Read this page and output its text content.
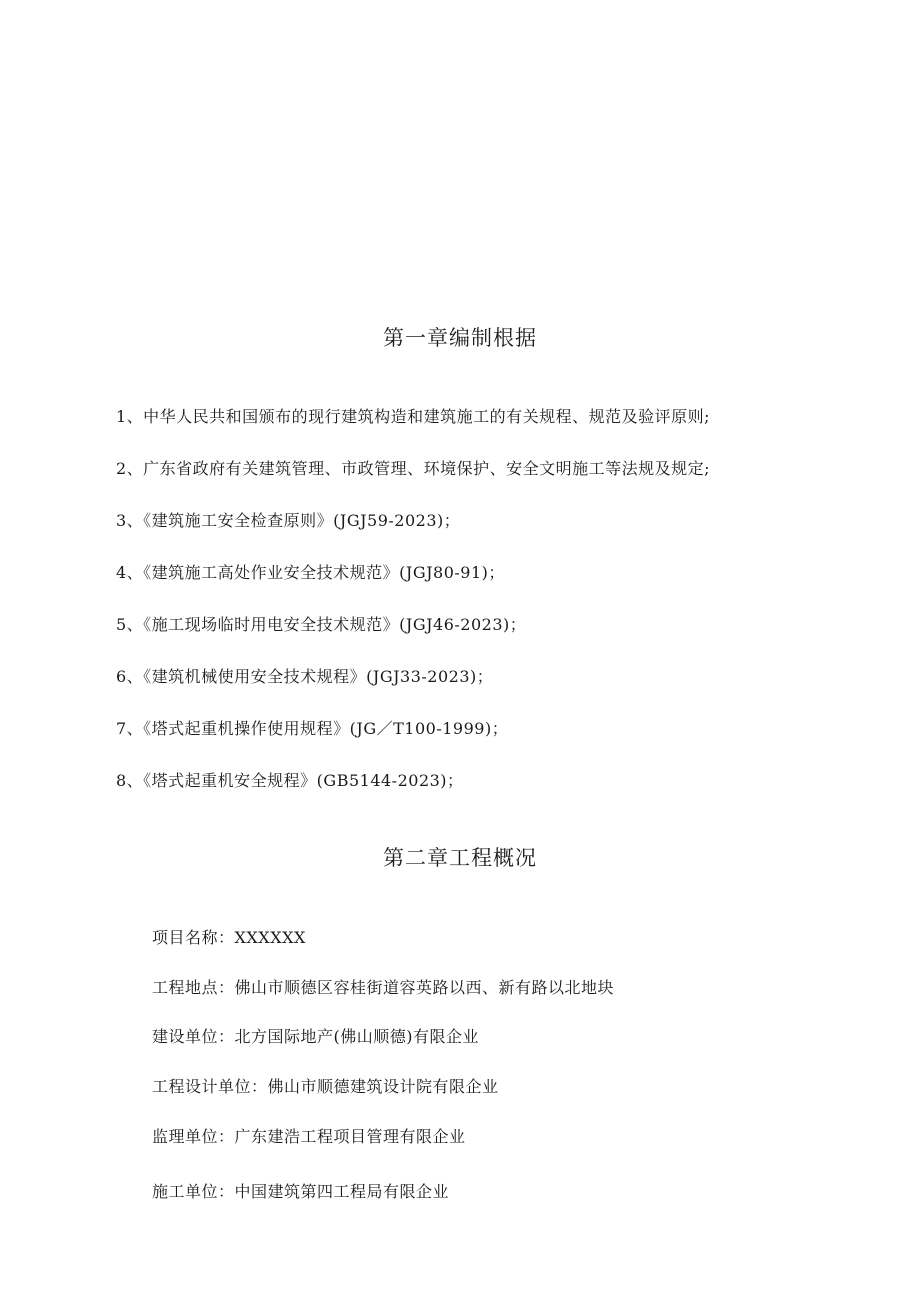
第一章编制根据
1、中华人民共和国颁布的现行建筑构造和建筑施工的有关规程、规范及验评原则;
2、广东省政府有关建筑管理、市政管理、环境保护、安全文明施工等法规及规定;
3、《建筑施工安全检查原则》(JGJ59-2023)；
4、《建筑施工高处作业安全技术规范》(JGJ80-91)；
5、《施工现场临时用电安全技术规范》(JGJ46-2023)；
6、《建筑机械使用安全技术规程》(JGJ33-2023)；
7、《塔式起重机操作使用规程》(JG／T100-1999)；
8、《塔式起重机安全规程》(GB5144-2023)；
第二章工程概况
项目名称：XXXXXX
工程地点：佛山市顺德区容桂街道容英路以西、新有路以北地块
建设单位：北方国际地产(佛山顺德)有限企业
工程设计单位：佛山市顺德建筑设计院有限企业
监理单位：广东建浩工程项目管理有限企业
施工单位：中国建筑第四工程局有限企业
